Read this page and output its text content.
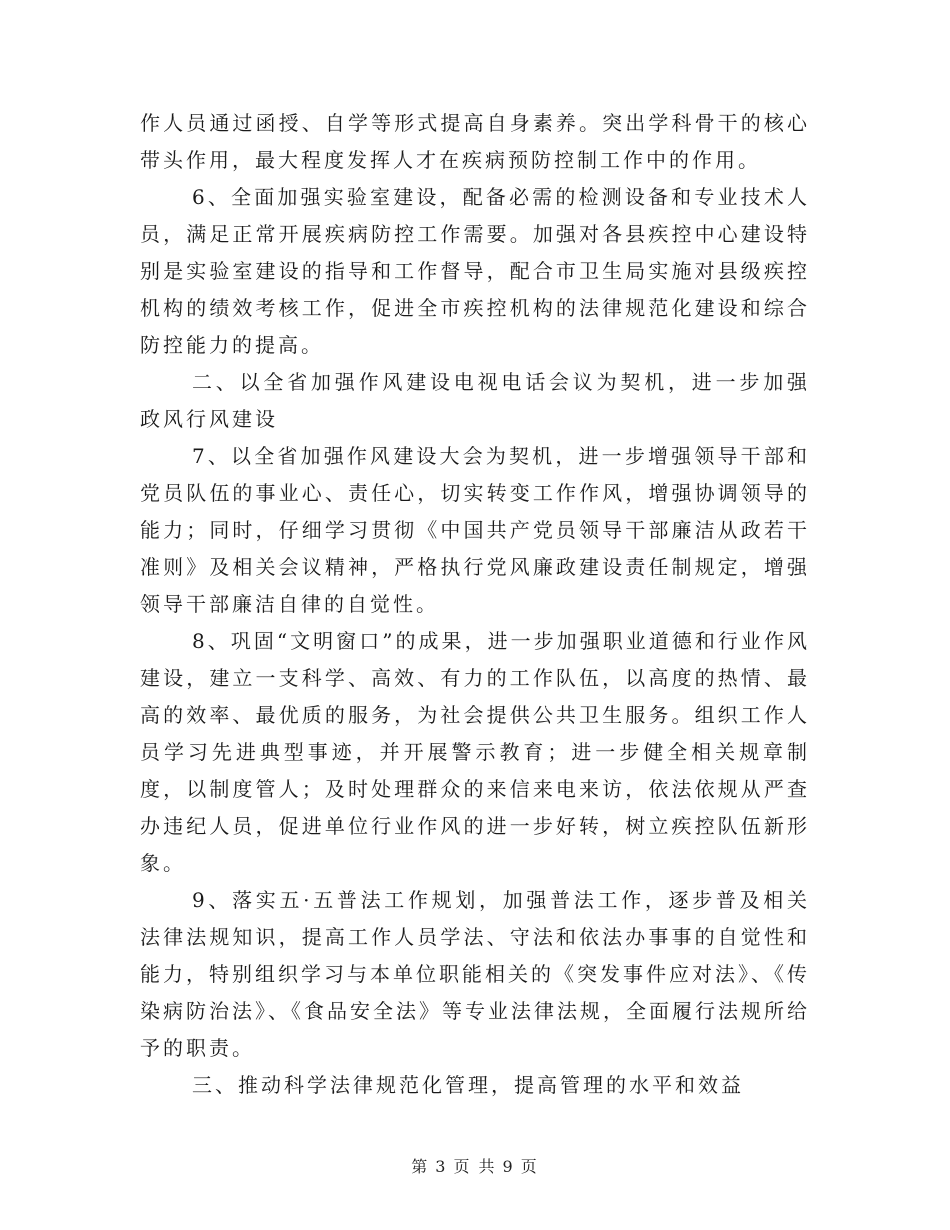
作人员通过函授、自学等形式提高自身素养。突出学科骨干的核心带头作用，最大程度发挥人才在疾病预防控制工作中的作用。

6、全面加强实验室建设，配备必需的检测设备和专业技术人员，满足正常开展疾病防控工作需要。加强对各县疾控中心建设特别是实验室建设的指导和工作督导，配合市卫生局实施对县级疾控机构的绩效考核工作，促进全市疾控机构的法律规范化建设和综合防控能力的提高。

二、以全省加强作风建设电视电话会议为契机，进一步加强政风行风建设

7、以全省加强作风建设大会为契机，进一步增强领导干部和党员队伍的事业心、责任心，切实转变工作作风，增强协调领导的能力；同时，仔细学习贯彻《中国共产党员领导干部廉洁从政若干准则》及相关会议精神，严格执行党风廉政建设责任制规定，增强领导干部廉洁自律的自觉性。

8、巩固“文明窗口”的成果，进一步加强职业道德和行业作风建设，建立一支科学、高效、有力的工作队伍，以高度的热情、最高的效率、最优质的服务，为社会提供公共卫生服务。组织工作人员学习先进典型事迹，并开展警示教育；进一步健全相关规章制度，以制度管人；及时处理群众的来信来电来访，依法依规从严查办违纪人员，促进单位行业作风的进一步好转，树立疾控队伍新形象。

9、落实五·五普法工作规划，加强普法工作，逐步普及相关法律法规知识，提高工作人员学法、守法和依法办事事的自觉性和能力，特别组织学习与本单位职能相关的《突发事件应对法》、《传染病防治法》、《食品安全法》等专业法律法规，全面履行法规所给予的职责。

三、推动科学法律规范化管理，提高管理的水平和效益

第 3 页 共 9 页
